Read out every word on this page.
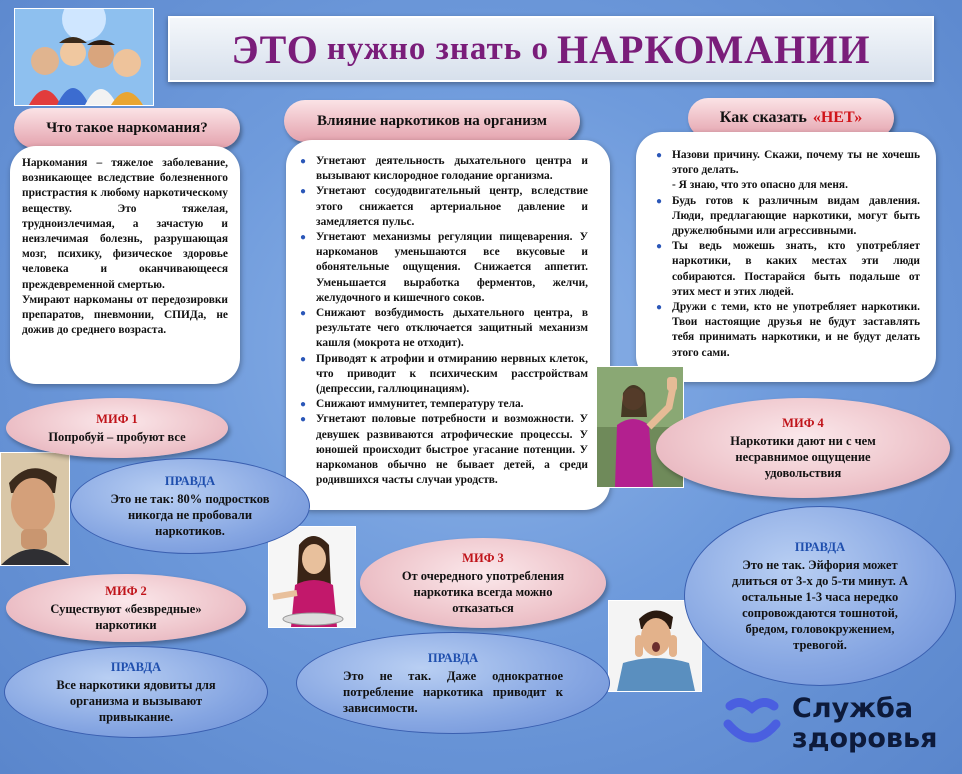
ЭТО нужно знать о НАРКОМАНИИ
Что такое наркомания?

Наркомания – тяжелое заболевание, возникающее вследствие болезненного пристрастия к любому наркотическому веществу. Это тяжелая, трудноизлечимая, а зачастую и неизлечимая болезнь, разрушающая мозг, психику, физическое здоровье человека и оканчивающееся преждевременной смертью.

Умирают наркоманы от передозировки препаратов, пневмонии, СПИДа, не дожив до среднего возраста.

Влияние наркотиков на организм
● Угнетают деятельность дыхательного центра и вызывают кислородное голодание организма.
● Угнетают сосудодвигательный центр, вследствие этого снижается артериальное давление и замедляется пульс.
● Угнетают механизмы регуляции пищеварения. У наркоманов уменьшаются все вкусовые и обонятельные ощущения. Снижается аппетит. Уменьшается выработка ферментов, желчи, желудочного и кишечного соков.
● Снижают возбудимость дыхательного центра, в результате чего отключается защитный механизм кашля (мокрота не отходит).
● Приводят к атрофии и отмиранию нервных клеток, что приводит к психическим расстройствам (депрессии, галлюцинациям).
● Снижают иммунитет, температуру тела.
● Угнетают половые потребности и возможности. У девушек развиваются атрофические процессы. У юношей происходит быстрое угасание потенции. У наркоманов обычно не бывает детей, а среди родившихся часты случаи уродств.
Как сказать «НЕТ»
● Назови причину. Скажи, почему ты не хочешь этого делать.
- Я знаю, что это опасно для меня.
● Будь готов к различным видам давления. Люди, предлагающие наркотики, могут быть дружелюбными или агрессивными.
● Ты ведь можешь знать, кто употребляет наркотики, в каких местах эти люди собираются. Постарайся быть подальше от этих мест и этих людей.
● Дружи с теми, кто не употребляет наркотики. Твои настоящие друзья не будут заставлять тебя принимать наркотики, и не будут делать этого сами.
МИФ 1
Попробуй – пробуют все
ПРАВДА
Это не так: 80% подростков никогда не пробовали наркотиков.
МИФ 2
Существуют «безвредные» наркотики
ПРАВДА
Все наркотики ядовиты для организма и вызывают привыкание.
МИФ 3
От очередного употребления наркотика всегда можно отказаться
ПРАВДА
Это не так. Даже однократное потребление наркотика приводит к зависимости.
МИФ 4
Наркотики дают ни с чем несравнимое ощущение удовольствия
ПРАВДА
Это не так. Эйфория может длиться от 3-х до 5-ти минут. А остальные 1-3 часа нередко сопровождаются тошнотой, бредом, головокружением, тревогой.
Служба
здоровья
